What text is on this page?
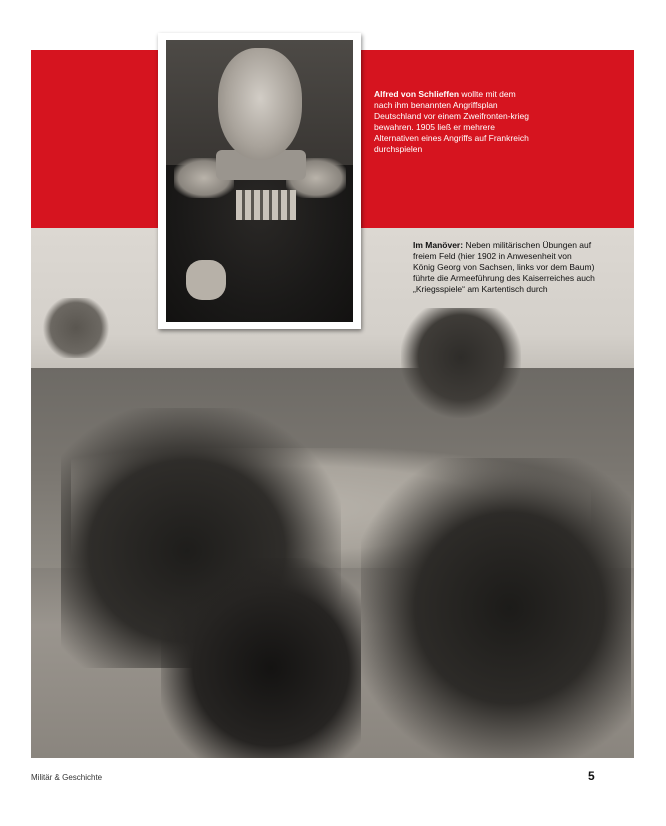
Alfred von Schlieffen wollte mit dem nach ihm benannten Angriffsplan Deutschland vor einem Zweifronten-krieg bewahren. 1905 ließ er mehrere Alternativen eines Angriffs auf Frankreich durchspielen
Im Manöver: Neben militärischen Übungen auf freiem Feld (hier 1902 in Anwesenheit von König Georg von Sachsen, links vor dem Baum) führte die Armeeführung des Kaiserreiches auch „Kriegsspiele“ am Kartentisch durch
Militär & Geschichte	5
